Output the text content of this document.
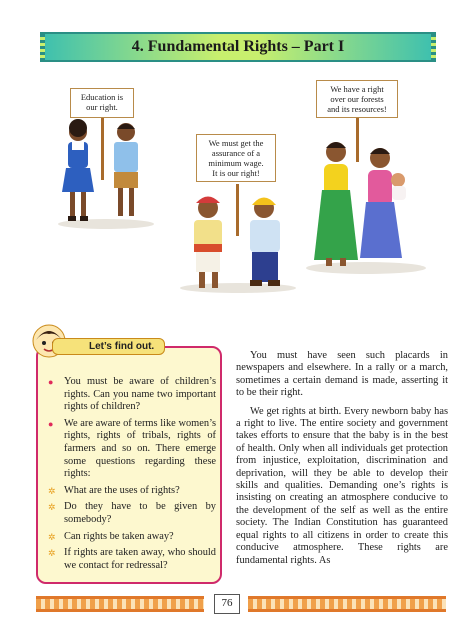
4. Fundamental Rights – Part I
Education is
our right.
We must get the
assurance of a
minimum wage.
It is our right!
We have a right
over our forests
and its resources!
Let’s find out.
● You must be aware of children’s rights. Can you name two important rights of children?
● We are aware of terms like women’s rights, rights of tribals, rights of farmers and so on. There emerge some questions regarding these rights:
✲ What are the uses of rights?
✲ Do they have to be given by somebody?
✲ Can rights be taken away?
✲ If rights are taken away, who should we contact for redressal?

You must have seen such placards in newspapers and elsewhere. In a rally or a march, sometimes a certain demand is made, asserting it to be their right.

We get rights at birth. Every newborn baby has a right to live. The entire society and government takes efforts to ensure that the baby is in the best of health. Only when all individuals get protection from injustice, exploitation, discrimination and deprivation, will they be able to develop their skills and qualities. Demanding one’s rights is insisting on creating an atmosphere conducive to the development of the self as well as the entire society. The Indian Constitution has guaranteed equal rights to all citizens in order to create this conducive atmosphere. These rights are fundamental rights. As

76
